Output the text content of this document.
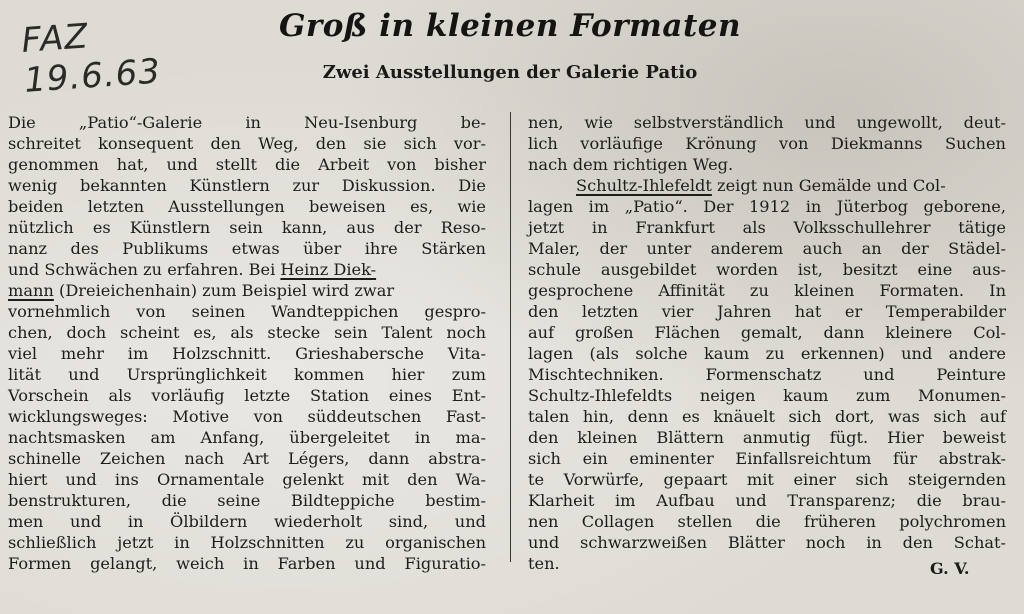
FAZ 19.6.63
Groß in kleinen Formaten
Zwei Ausstellungen der Galerie Patio
Die „Patio“-Galerie in Neu-Isenburg be-
schreitet konsequent den Weg, den sie sich vor-
genommen hat, und stellt die Arbeit von bisher
wenig bekannten Künstlern zur Diskussion. Die
beiden letzten Ausstellungen beweisen es, wie
nützlich es Künstlern sein kann, aus der Reso-
nanz des Publikums etwas über ihre Stärken
und Schwächen zu erfahren. Bei Heinz Diek-
mann (Dreieichenhain) zum Beispiel wird zwar
vornehmlich von seinen Wandteppichen gespro-
chen, doch scheint es, als stecke sein Talent noch
viel mehr im Holzschnitt. Grieshabersche Vita-
lität und Ursprünglichkeit kommen hier zum
Vorschein als vorläufig letzte Station eines Ent-
wicklungsweges: Motive von süddeutschen Fast-
nachtsmasken am Anfang, übergeleitet in ma-
schinelle Zeichen nach Art Légers, dann abstra-
hiert und ins Ornamentale gelenkt mit den Wa-
benstrukturen, die seine Bildteppiche bestim-
men und in Ölbildern wiederholt sind, und
schließlich jetzt in Holzschnitten zu organischen
Formen gelangt, weich in Farben und Figuratio-
nen, wie selbstverständlich und ungewollt, deut-
lich vorläufige Krönung von Diekmanns Suchen
nach dem richtigen Weg.
Schultz-Ihlefeldt zeigt nun Gemälde und Col-
lagen im „Patio“. Der 1912 in Jüterbog geborene,
jetzt in Frankfurt als Volksschullehrer tätige
Maler, der unter anderem auch an der Städel-
schule ausgebildet worden ist, besitzt eine aus-
gesprochene Affinität zu kleinen Formaten. In
den letzten vier Jahren hat er Temperabilder
auf großen Flächen gemalt, dann kleinere Col-
lagen (als solche kaum zu erkennen) und andere
Mischtechniken. Formenschatz und Peinture
Schultz-Ihlefeldts neigen kaum zum Monumen-
talen hin, denn es knäuelt sich dort, was sich auf
den kleinen Blättern anmutig fügt. Hier beweist
sich ein eminenter Einfallsreichtum für abstrak-
te Vorwürfe, gepaart mit einer sich steigernden
Klarheit im Aufbau und Transparenz; die brau-
nen Collagen stellen die früheren polychromen
und schwarzweißen Blätter noch in den Schat-
ten.	G. V.
